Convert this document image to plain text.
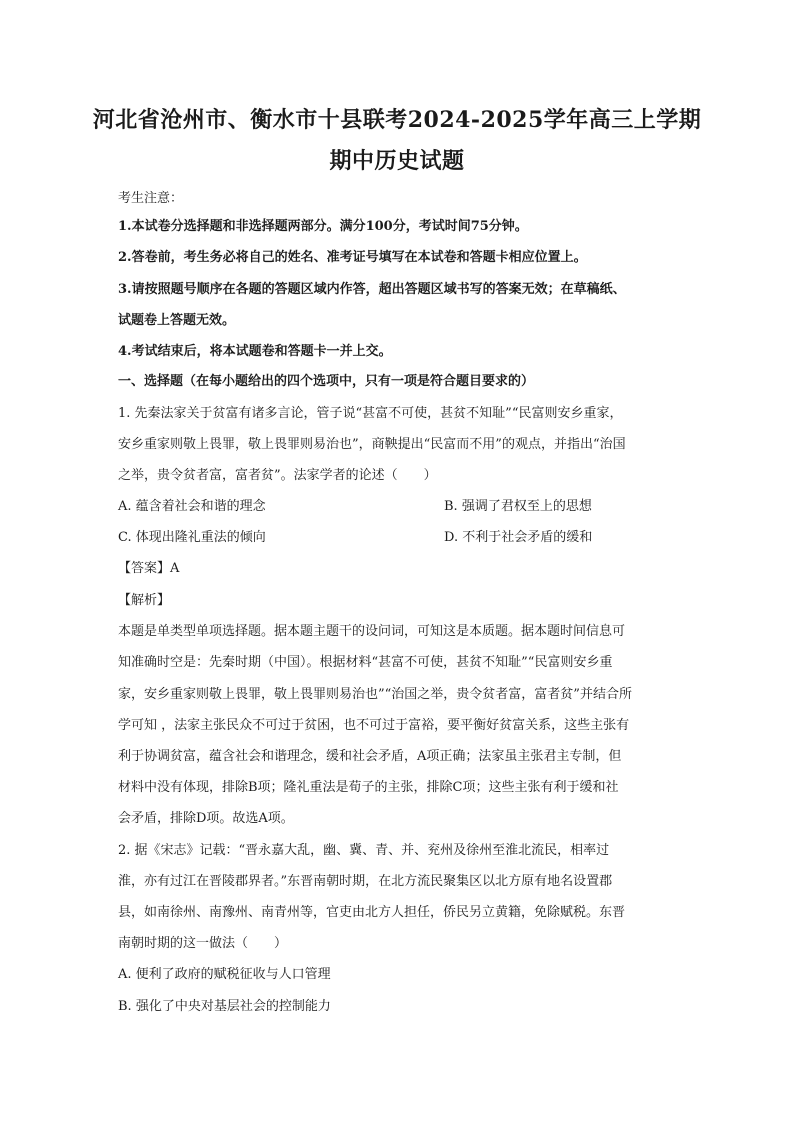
河北省沧州市、衡水市十县联考2024-2025学年高三上学期
期中历史试题
考生注意：
1.本试卷分选择题和非选择题两部分。满分100分，考试时间75分钟。
2.答卷前，考生务必将自己的姓名、准考证号填写在本试卷和答题卡相应位置上。
3.请按照题号顺序在各题的答题区域内作答，超出答题区域书写的答案无效；在草稿纸、
试题卷上答题无效。
4.考试结束后，将本试题卷和答题卡一并上交。
一、选择题（在每小题给出的四个选项中，只有一项是符合题目要求的）
1. 先秦法家关于贫富有诸多言论，管子说“甚富不可使，甚贫不知耻”“民富则安乡重家，
安乡重家则敬上畏罪，敬上畏罪则易治也”，商鞅提出“民富而不用”的观点，并指出“治国
之举，贵令贫者富，富者贫”。法家学者的论述（　　）
A. 蕴含着社会和谐的理念	B. 强调了君权至上的思想
C. 体现出隆礼重法的倾向	D. 不利于社会矛盾的缓和
【答案】A
【解析】
本题是单类型单项选择题。据本题主题干的设问词，可知这是本质题。据本题时间信息可
知准确时空是：先秦时期（中国）。根据材料“甚富不可使，甚贫不知耻”“民富则安乡重
家，安乡重家则敬上畏罪，敬上畏罪则易治也”“治国之举，贵令贫者富，富者贫”并结合所
学可知 ，法家主张民众不可过于贫困，也不可过于富裕，要平衡好贫富关系，这些主张有
利于协调贫富，蕴含社会和谐理念，缓和社会矛盾，A项正确；法家虽主张君主专制，但
材料中没有体现，排除B项；隆礼重法是荀子的主张，排除C项；这些主张有利于缓和社
会矛盾，排除D项。故选A项。
2. 据《宋志》记载：“晋永嘉大乱，幽、冀、青、并、兖州及徐州至淮北流民，相率过
淮，亦有过江在晋陵郡界者。”东晋南朝时期，在北方流民聚集区以北方原有地名设置郡
县，如南徐州、南豫州、南青州等，官吏由北方人担任，侨民另立黄籍，免除赋税。东晋
南朝时期的这一做法（　　）
A. 便利了政府的赋税征收与人口管理
B. 强化了中央对基层社会的控制能力
